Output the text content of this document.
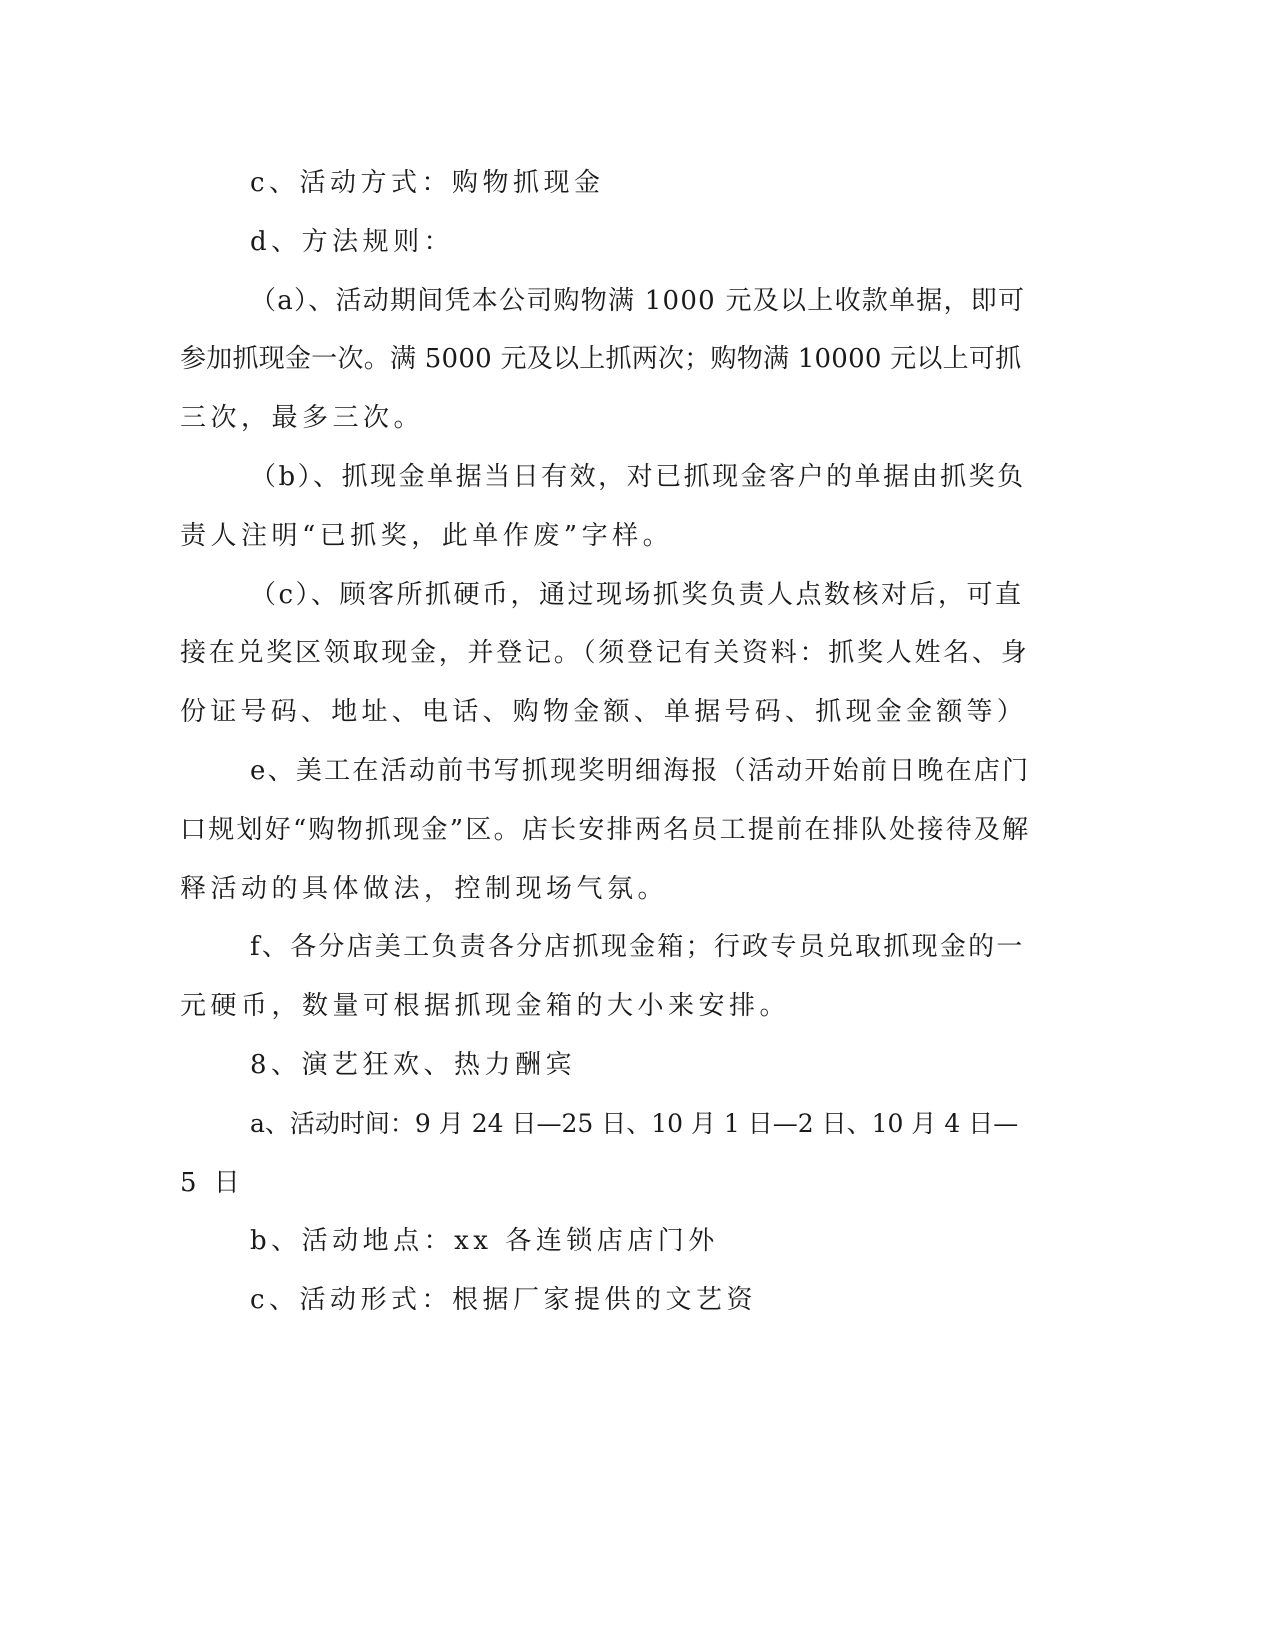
c、活动方式：购物抓现金
d、方法规则：
（a）、活动期间凭本公司购物满 1000 元及以上收款单据，即可
参加抓现金一次。满 5000 元及以上抓两次；购物满 10000 元以上可抓
三次，最多三次。
（b）、抓现金单据当日有效，对已抓现金客户的单据由抓奖负
责人注明“已抓奖，此单作废”字样。
（c）、顾客所抓硬币，通过现场抓奖负责人点数核对后，可直
接在兑奖区领取现金，并登记。（须登记有关资料：抓奖人姓名、身
份证号码、地址、电话、购物金额、单据号码、抓现金金额等）
e、美工在活动前书写抓现奖明细海报（活动开始前日晚在店门
口规划好“购物抓现金”区。店长安排两名员工提前在排队处接待及解
释活动的具体做法，控制现场气氛。
f、各分店美工负责各分店抓现金箱；行政专员兑取抓现金的一
元硬币，数量可根据抓现金箱的大小来安排。
8、演艺狂欢、热力酬宾
a、活动时间：9 月 24 日—25 日、10 月 1 日—2 日、10 月 4 日—
5 日
b、活动地点：xx 各连锁店店门外
c、活动形式：根据厂家提供的文艺资
